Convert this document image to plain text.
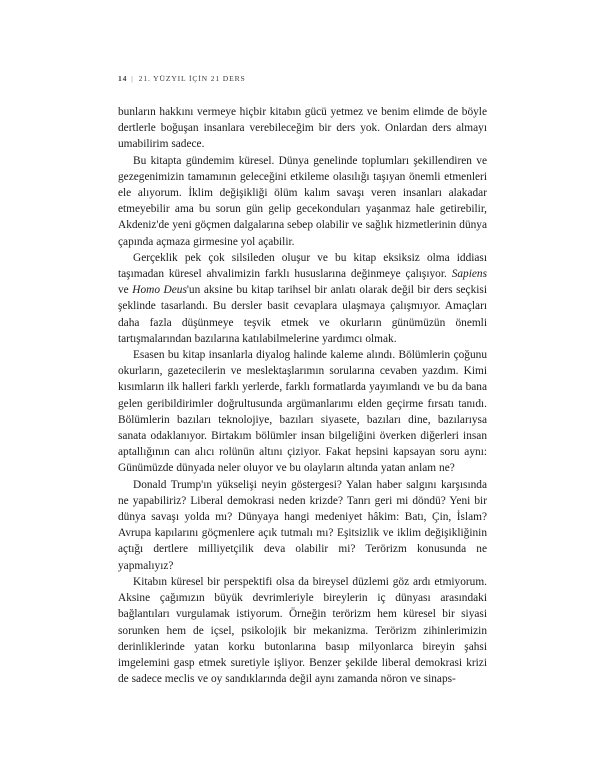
14 | 21. YÜZYIL İÇİN 21 DERS

bunların hakkını vermeye hiçbir kitabın gücü yetmez ve benim elimde de böyle dertlerle boğuşan insanlara verebileceğim bir ders yok. Onlardan ders almayı umabilirim sadece.

Bu kitapta gündemim küresel. Dünya genelinde toplumları şekillendiren ve gezegenimizin tamamının geleceğini etkileme olasılığı taşıyan önemli etmenleri ele alıyorum. İklim değişikliği ölüm kalım savaşı veren insanları alakadar etmeyebilir ama bu sorun gün gelip gecekonduları yaşanmaz hale getirebilir, Akdeniz'de yeni göçmen dalgalarına sebep olabilir ve sağlık hizmetlerinin dünya çapında açmaza girmesine yol açabilir.

Gerçeklik pek çok silsileden oluşur ve bu kitap eksiksiz olma iddiası taşımadan küresel ahvalimizin farklı hususlarına değinmeye çalışıyor. Sapiens ve Homo Deus'un aksine bu kitap tarihsel bir anlatı olarak değil bir ders seçkisi şeklinde tasarlandı. Bu dersler basit cevaplara ulaşmaya çalışmıyor. Amaçları daha fazla düşünmeye teşvik etmek ve okurların günümüzün önemli tartışmalarından bazılarına katılabilmelerine yardımcı olmak.

Esasen bu kitap insanlarla diyalog halinde kaleme alındı. Bölümlerin çoğunu okurların, gazetecilerin ve meslektaşlarımın sorularına cevaben yazdım. Kimi kısımların ilk halleri farklı yerlerde, farklı formatlarda yayımlandı ve bu da bana gelen geribildirimler doğrultusunda argümanlarımı elden geçirme fırsatı tanıdı. Bölümlerin bazıları teknolojiye, bazıları siyasete, bazıları dine, bazılarıysa sanata odaklanıyor. Birtakım bölümler insan bilgeliğini överken diğerleri insan aptallığının can alıcı rolünün altını çiziyor. Fakat hepsini kapsayan soru aynı: Günümüzde dünyada neler oluyor ve bu olayların altında yatan anlam ne?

Donald Trump'ın yükselişi neyin göstergesi? Yalan haber salgını karşısında ne yapabiliriz? Liberal demokrasi neden krizde? Tanrı geri mi döndü? Yeni bir dünya savaşı yolda mı? Dünyaya hangi medeniyet hâkim: Batı, Çin, İslam? Avrupa kapılarını göçmenlere açık tutmalı mı? Eşitsizlik ve iklim değişikliğinin açtığı dertlere milliyetçilik deva olabilir mi? Terörizm konusunda ne yapmalıyız?

Kitabın küresel bir perspektifi olsa da bireysel düzlemi göz ardı etmiyorum. Aksine çağımızın büyük devrimleriyle bireylerin iç dünyası arasındaki bağlantıları vurgulamak istiyorum. Örneğin terörizm hem küresel bir siyasi sorunken hem de içsel, psikolojik bir mekanizma. Terörizm zihinlerimizin derinliklerinde yatan korku butonlarına basıp milyonlarca bireyin şahsi imgelemini gasp etmek suretiyle işliyor. Benzer şekilde liberal demokrasi krizi de sadece meclis ve oy sandıklarında değil aynı zamanda nöron ve sinaps-
